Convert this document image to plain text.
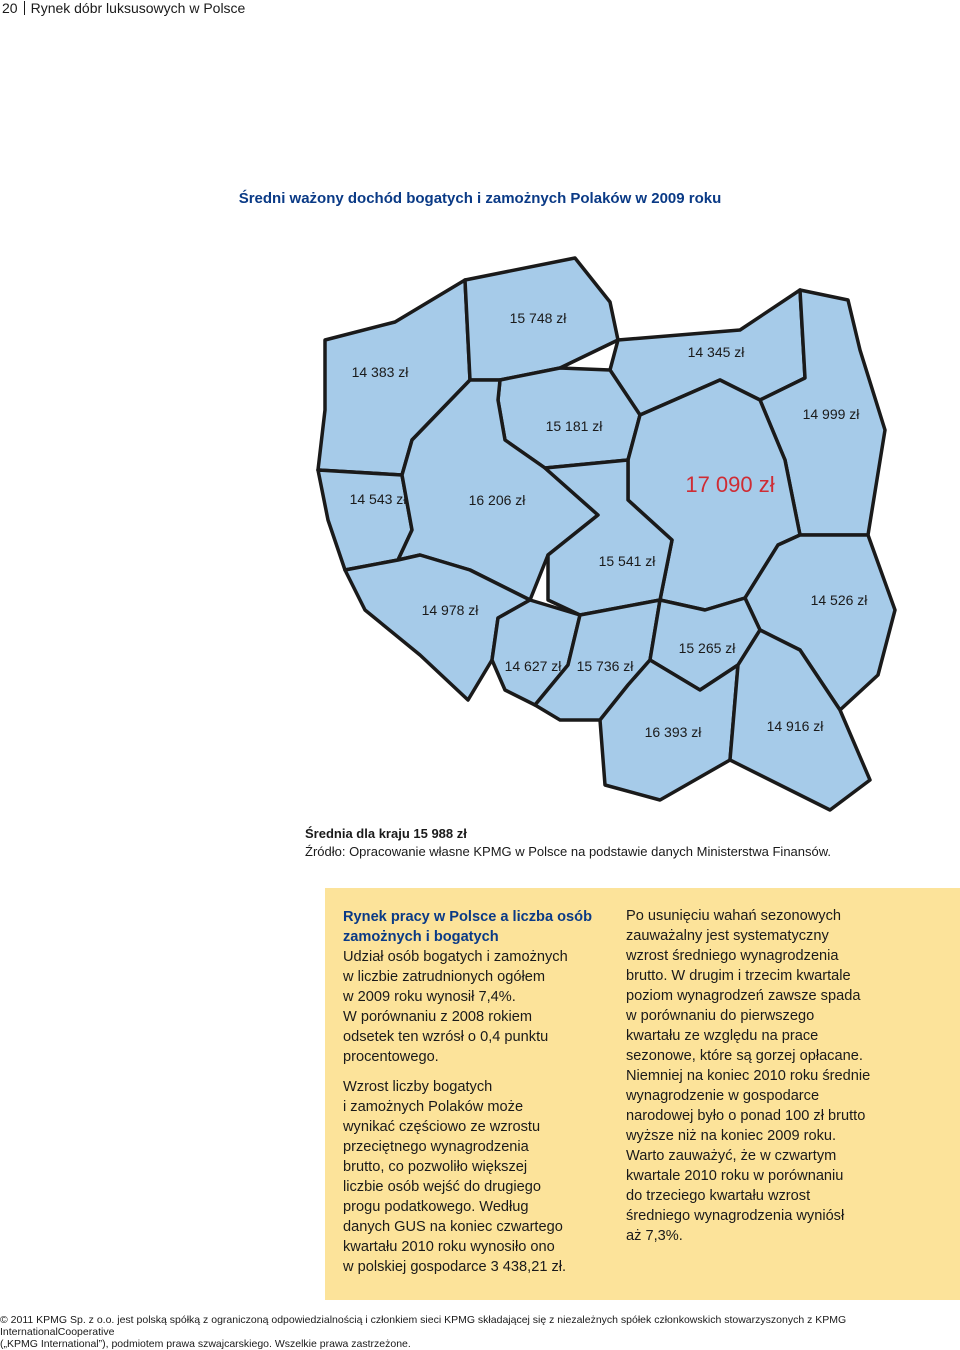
20 Rynek dóbr luksusowych w Polsce
Średni ważony dochód bogatych i zamożnych Polaków w 2009 roku
14 383 zł
15 748 zł
14 345 zł
15 181 zł
14 999 zł
14 543 zł	16 206 zł
17 090 zł
15 541 zł
14 978 zł
14 526 zł
14 627 zł 15 736 zł
15 265 zł
16 393 zł	14 916 zł
Średnia dla kraju 15 988 zł
Źródło: Opracowanie własne KPMG w Polsce na podstawie danych Ministerstwa Finansów.
Rynek pracy w Polsce a liczba osób zamożnych i bogatych

Udział osób bogatych i zamożnych
w liczbie zatrudnionych ogółem
w 2009 roku wynosił 7,4%.
W porównaniu z 2008 rokiem
odsetek ten wzrósł o 0,4 punktu
procentowego.

Wzrost liczby bogatych
i zamożnych Polaków może
wynikać częściowo ze wzrostu
przeciętnego wynagrodzenia
brutto, co pozwoliło większej
liczbie osób wejść do drugiego
progu podatkowego. Według
danych GUS na koniec czwartego
kwartału 2010 roku wynosiło ono
w polskiej gospodarce 3 438,21 zł.

Po usunięciu wahań sezonowych
zauważalny jest systematyczny
wzrost średniego wynagrodzenia
brutto. W drugim i trzecim kwartale
poziom wynagrodzeń zawsze spada
w porównaniu do pierwszego
kwartału ze względu na prace
sezonowe, które są gorzej opłacane.
Niemniej na koniec 2010 roku średnie
wynagrodzenie w gospodarce
narodowej było o ponad 100 zł brutto
wyższe niż na koniec 2009 roku.
Warto zauważyć, że w czwartym
kwartale 2010 roku w porównaniu
do trzeciego kwartału wzrost
średniego wynagrodzenia wyniósł
aż 7,3%.

© 2011 KPMG Sp. z o.o. jest polską spółką z ograniczoną odpowiedzialnością i członkiem sieci KPMG składającej się z niezależnych spółek członkowskich stowarzyszonych z KPMG InternationalCooperative
(„KPMG International”), podmiotem prawa szwajcarskiego. Wszelkie prawa zastrzeżone.
